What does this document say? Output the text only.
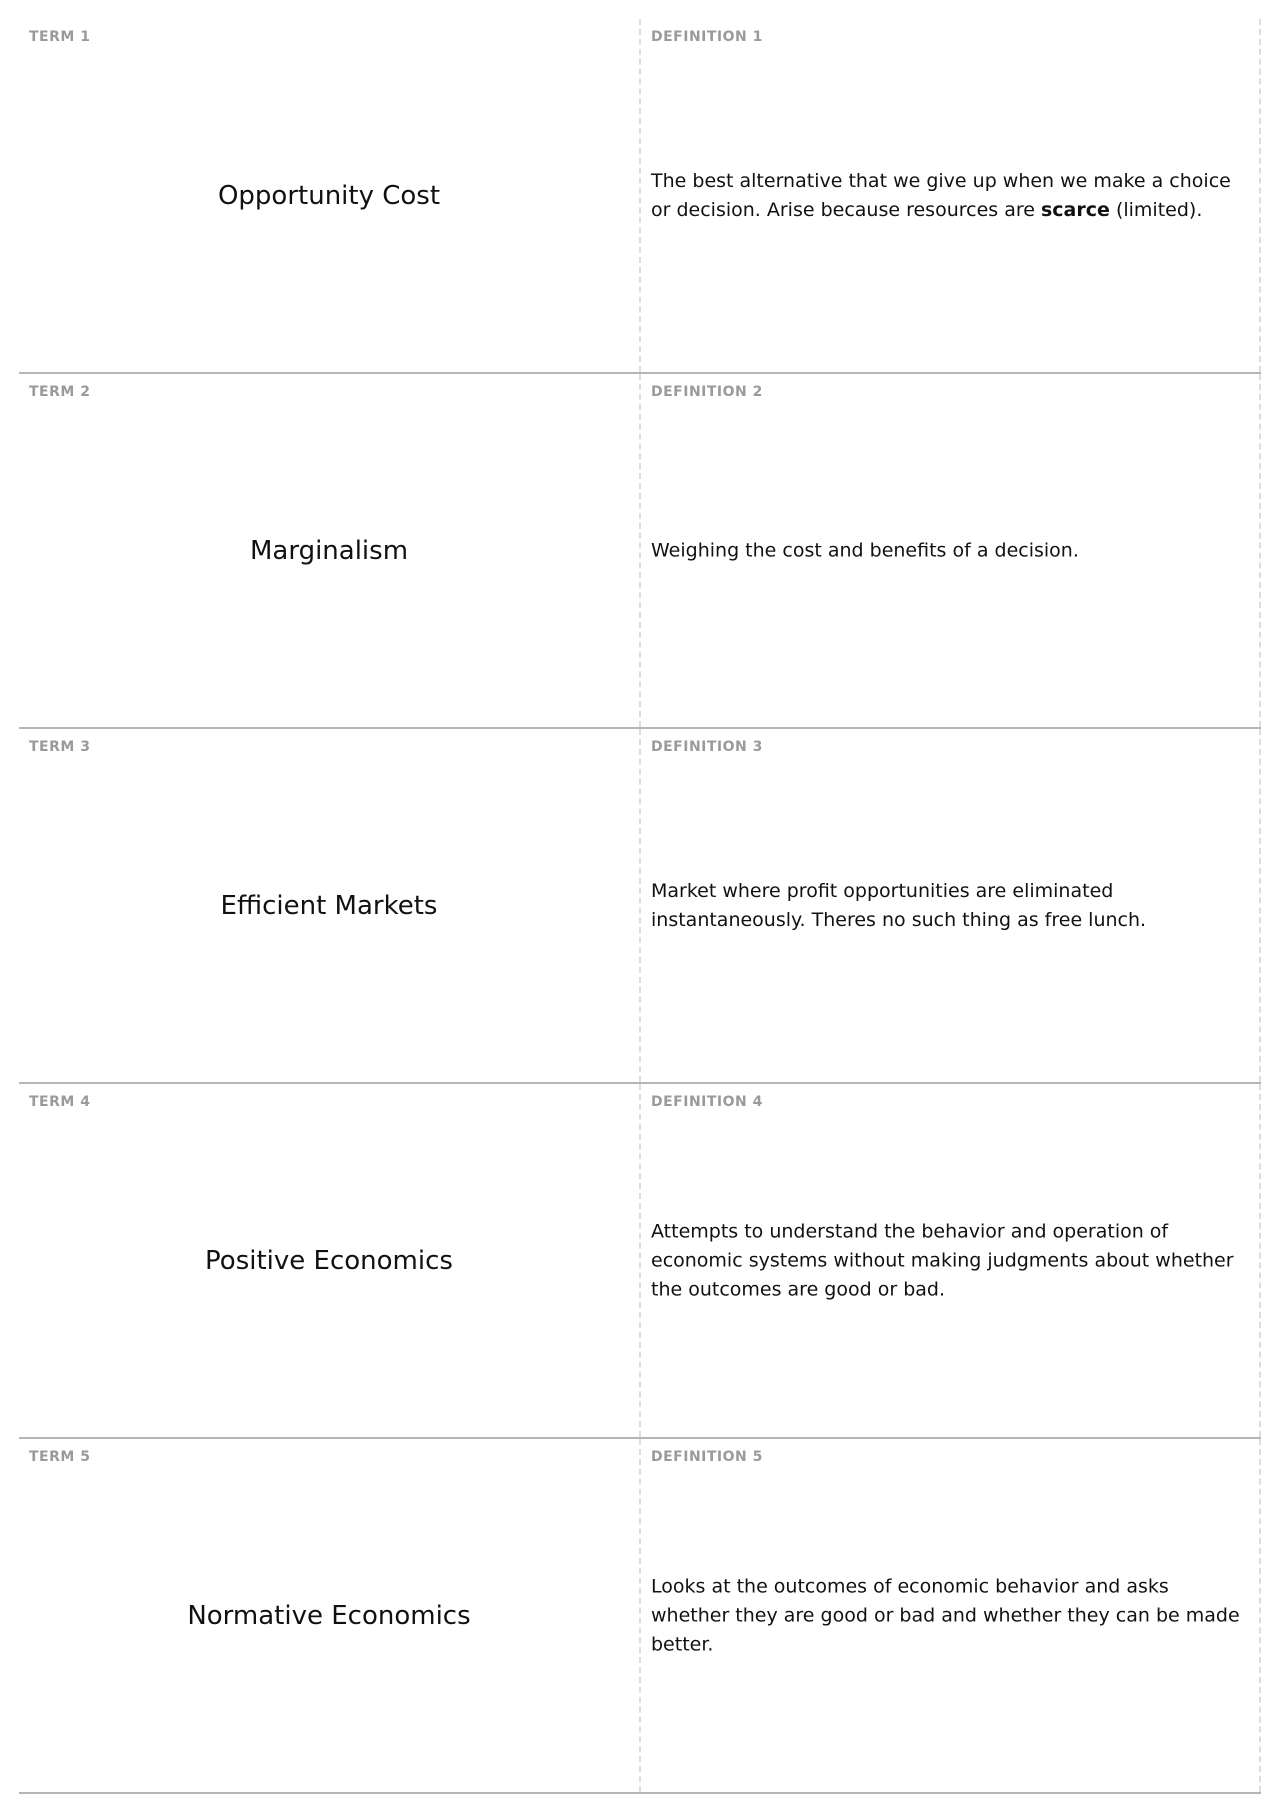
TERM 1
Opportunity Cost
DEFINITION 1
The best alternative that we give up when we make a choice or decision. Arise because resources are scarce (limited).
TERM 2
Marginalism
DEFINITION 2
Weighing the cost and benefits of a decision.
TERM 3
Efficient Markets
DEFINITION 3
Market where profit opportunities are eliminated instantaneously. Theres no such thing as free lunch.
TERM 4
Positive Economics
DEFINITION 4
Attempts to understand the behavior and operation of economic systems without making judgments about whether the outcomes are good or bad.
TERM 5
Normative Economics
DEFINITION 5
Looks at the outcomes of economic behavior and asks whether they are good or bad and whether they can be made better.
